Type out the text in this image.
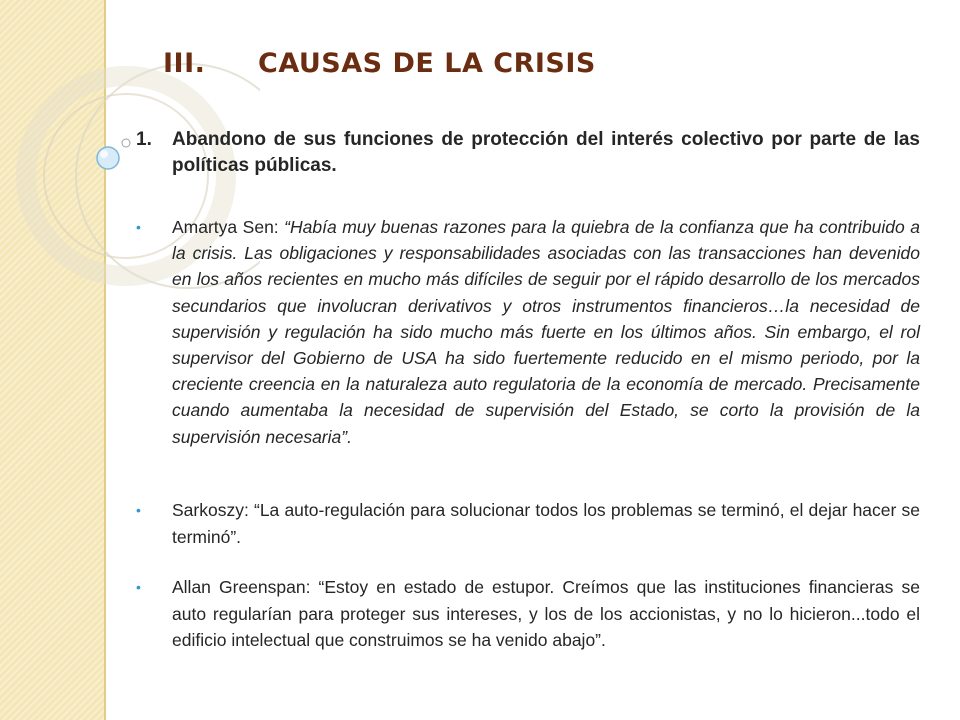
III. CAUSAS DE LA CRISIS

1. Abandono de sus funciones de protección del interés colectivo por parte de las políticas públicas.

• Amartya Sen: “Había muy buenas razones para la quiebra de la confianza que ha contribuido a la crisis. Las obligaciones y responsabilidades asociadas con las transacciones han devenido en los años recientes en mucho más difíciles de seguir por el rápido desarrollo de los mercados secundarios que involucran derivativos y otros instrumentos financieros…la necesidad de supervisión y regulación ha sido mucho más fuerte en los últimos años. Sin embargo, el rol supervisor del Gobierno de USA ha sido fuertemente reducido en el mismo periodo, por la creciente creencia en la naturaleza auto regulatoria de la economía de mercado. Precisamente cuando aumentaba la necesidad de supervisión del Estado, se corto la provisión de la supervisión necesaria”.

• Sarkoszy: “La auto-regulación para solucionar todos los problemas se terminó, el dejar hacer se terminó”.

• Allan Greenspan: “Estoy en estado de estupor. Creímos que las instituciones financieras se auto regularían para proteger sus intereses, y los de los accionistas, y no lo hicieron...todo el edificio intelectual que construimos se ha venido abajo”.
